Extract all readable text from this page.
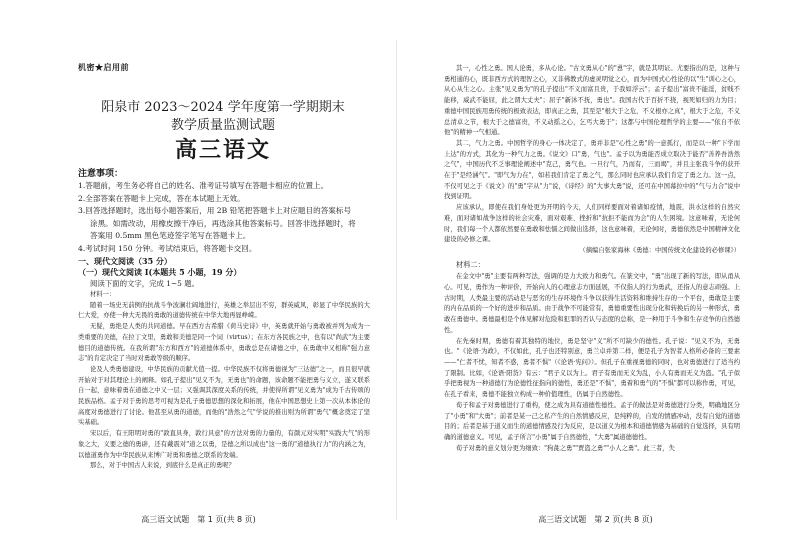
机密★启用前
阳泉市 2023～2024 学年度第一学期期末
教学质量监测试题
高三语文
注意事项：

1.答题前，考生务必将自己的姓名、准考证号填写在答题卡相应的位置上。

2.全部答案在答题卡上完成，答在本试题上无效。

3.回答选择题时，选出每小题答案后，用 2B 铅笔把答题卡上对应题目的答案标号

涂黑。如需改动，用橡皮擦干净后，再选涂其他答案标号。回答非选择题时，将

答案用 0.5mm 黑色笔迹签字笔写在答题卡上。

4.考试时间 150 分钟。考试结束后，将答题卡交回。

一、现代文阅读（35 分）
（一）现代文阅读 I(本题共 5 小题，19 分）
阅读下面的文字，完成 1~5 题。

材料一：

随着一场史无前例的抗战斗争波澜壮阔地进行，英雄之举层出不穷，群英威风，彰显了中华民族的大仁大爱，亦使一种大无畏的勇敢的道德传统在中华大地再显峥嵘。

无疑，勇绝是人类的共同道德。早在西方古希腊《荷马史诗》中，英勇就开始与勇敢被并列为成为一类重要的美德，在拉丁文里，勇敢和美德是同一个词（virtus）；在东方各民族之中，也有以"尚武"为主要德目的道德传统。在我所谓"东方和西方"的道德体系中，勇敢总是在诸德之中，在勇敢中又相称"强力意志"的肯定决定了当时对勇敢等级的顺序。

论及人类勇德建设，中华民族的贡献尤值一提。中华民族不仅将勇德视为"三达德"之一，而且很早就开始对于对其理论上的阐释。如孔子提出"见义不为，无勇也"的命题，该命题不能把勇与义立，遂又联系自一起，意味着勇在道德之中又一层；又强调其深度关系的传统，并使得所谓"见义勇为"成为千古传颂的民族品格。孟子对于勇的思考可视为是孔子勇德思想的深化和拓展，他在中国思想史上第一次从本体论的高度对勇德进行了讨论。他甚至从勇的道德，而他的"浩然之气"学说的推出则为所谓"勇气"概念奠定了坚实基础。

宋以后，有王阳明对勇的"敦直具身，敦行具意"的方法对勇的力量的，有颜元对实明"实践大气"的形象之大，义要之德的勇辟，还有戴震对"道之以勇，是德之所以成也"这一勇的"道德执行力"的内涵之为，以德道勇作为中华民族从来博广对勇和勇德之联系的发端。

那么，对于中国古人来说，到底什么是真正的勇呢？

高三语文试题　第 1 页(共 8 页)

其一，心性之勇。国人论勇，多从心论。"古文勇从心"的"恿"字，就是其明证。尤要指出的是，这种与勇相通的心，既非西方式的理智之心，又非佛教式的虚灵明觉之心，而为中国式心性论的以"生"训心之心，从心从生之心。主张"见义勇为"的孔子提出"不义而富且贵，于我如浮云"；孟子提出"富贵不能淫，贫贱不能移，威武不能屈，此之谓大丈夫"；屈子"新沐不抚，勇也"。我国古代于百折不挠，视死如归的力为目；重德中国民族用勇传统的极致表达，即真正之勇，其至是"根大于之危，不义根亦之真"，根大于之危，不义总清卓之节，根大于之德富贵，不义动摇之心，乞丐大勇于"；这都与中国伦理哲学的主要——"依自不依他"的精神一气相通。

其二，气力之勇。中国哲学的身心一体决定了，勇并非是"心性之勇"的一意孤行，而是以一种"下学而上达"的方式，其化为一种气力之勇。《说文》口"勇，气也"。孟子以为勇能否成立取决于能否"善养吾浩然之气"，中国历代不乏事理论阐述中"克己，勇气也。一旦行气，乃而有，三而竭"，并且主张我斗争的获开在于"是经涵气"。"即气为力在"，如若我们肯定了勇之气，那么同时也应承认我们肯定了勇之力。这一点，不仅可见之于《说文》的"勇"字从"力"说，《诗经》的"大事大勇"说，还可在中国幕拉中的"气与力合"说中找到证明。

应该承认，即使在我们身处更为开明的今天，人们同样要面对着诸如疫情，地震，洪水这样的自然灾难，面对诸如战争这样的社会灾难，面对艰难、挫折和"抗拒不能而为会"的人生困境。这意味着，无论何时，我们每一个人都依然要在勇敢和怯懦之间做出选择，这也意味着，无论何时，勇德依然是中国精神文化建设的必修之课。

（摘编自张家海林《勇德：中国传统文化建设的必修课》）

材料二：

在金文中"勇"主要有两种写法，强调的是力大致力和勇气。在篆文中，"勇"出现了新的写法，即从甬从心。可见，勇作为一种评价，开始向人的心理意志方面延展，不仅指人的行为勇武，还指人的意志顽强。上古时期，人类最主要的活动是与恶劣的生存环境作斗争以获得生活资料和维持生存的一个平台，勇敢是主要的内在品质的一个好的进步和品质。由于战争不可能常有，勇德重要性出现分化和转换后的另一种形式，勇敢在勇德中。勇德最相是个体见解对危险和犯罪的否认与态度的总称，是一种用于斗争和生存竞争的自然德性。

在先秦时期，勇德有着其独特的地位，勇是坚守"义"所不可缺少的德性。孔子说："见义不为，无勇也。"《论语·为政》，不仅如此，孔子也还特别意，勇兰卓并第二样，便是孔子为智者人格所必备的三要素——"仁者不忧，知者不惑，勇者不惧"（《论语·宪问》）。但孔子在重视勇德的同时，也对勇德进行了适当约了限制。比如，《论语·阳货》有云："君子义以为上。君子有勇而无义为乱，小人有勇而无义为盗。"孔子似乎把勇视为一种道德行为论德性征指向的德性，勇还是"不惧"，勇着和勇气的"不惧"都可以称作勇，可见，在孔子看来，勇德不能独立构成一种价值理性，仍属于自然德性。

荀子和孟子对勇德进行了重构，使之成为具有道德性德性。孟子的做法是对勇德进行分类，明确地区分了"小勇"和"大勇"；前者是某一己之私产生的自然情感反应，是纯粹的，自发的情感冲动，没有自觉的道德目的；后者是基于道义而生的道德情感及行为反应，是以道义为根本和道德情感为基础的自觉选择，具有明确的道德意义。可见，孟子所言"小勇"属于自然德性，"大勇"属道德德性。

荀子对勇的意义划分更为细致："狗彘之勇""贾盗之勇""小人之勇"。此三者，失

高三语文试题　第 2 页(共 8 页)
